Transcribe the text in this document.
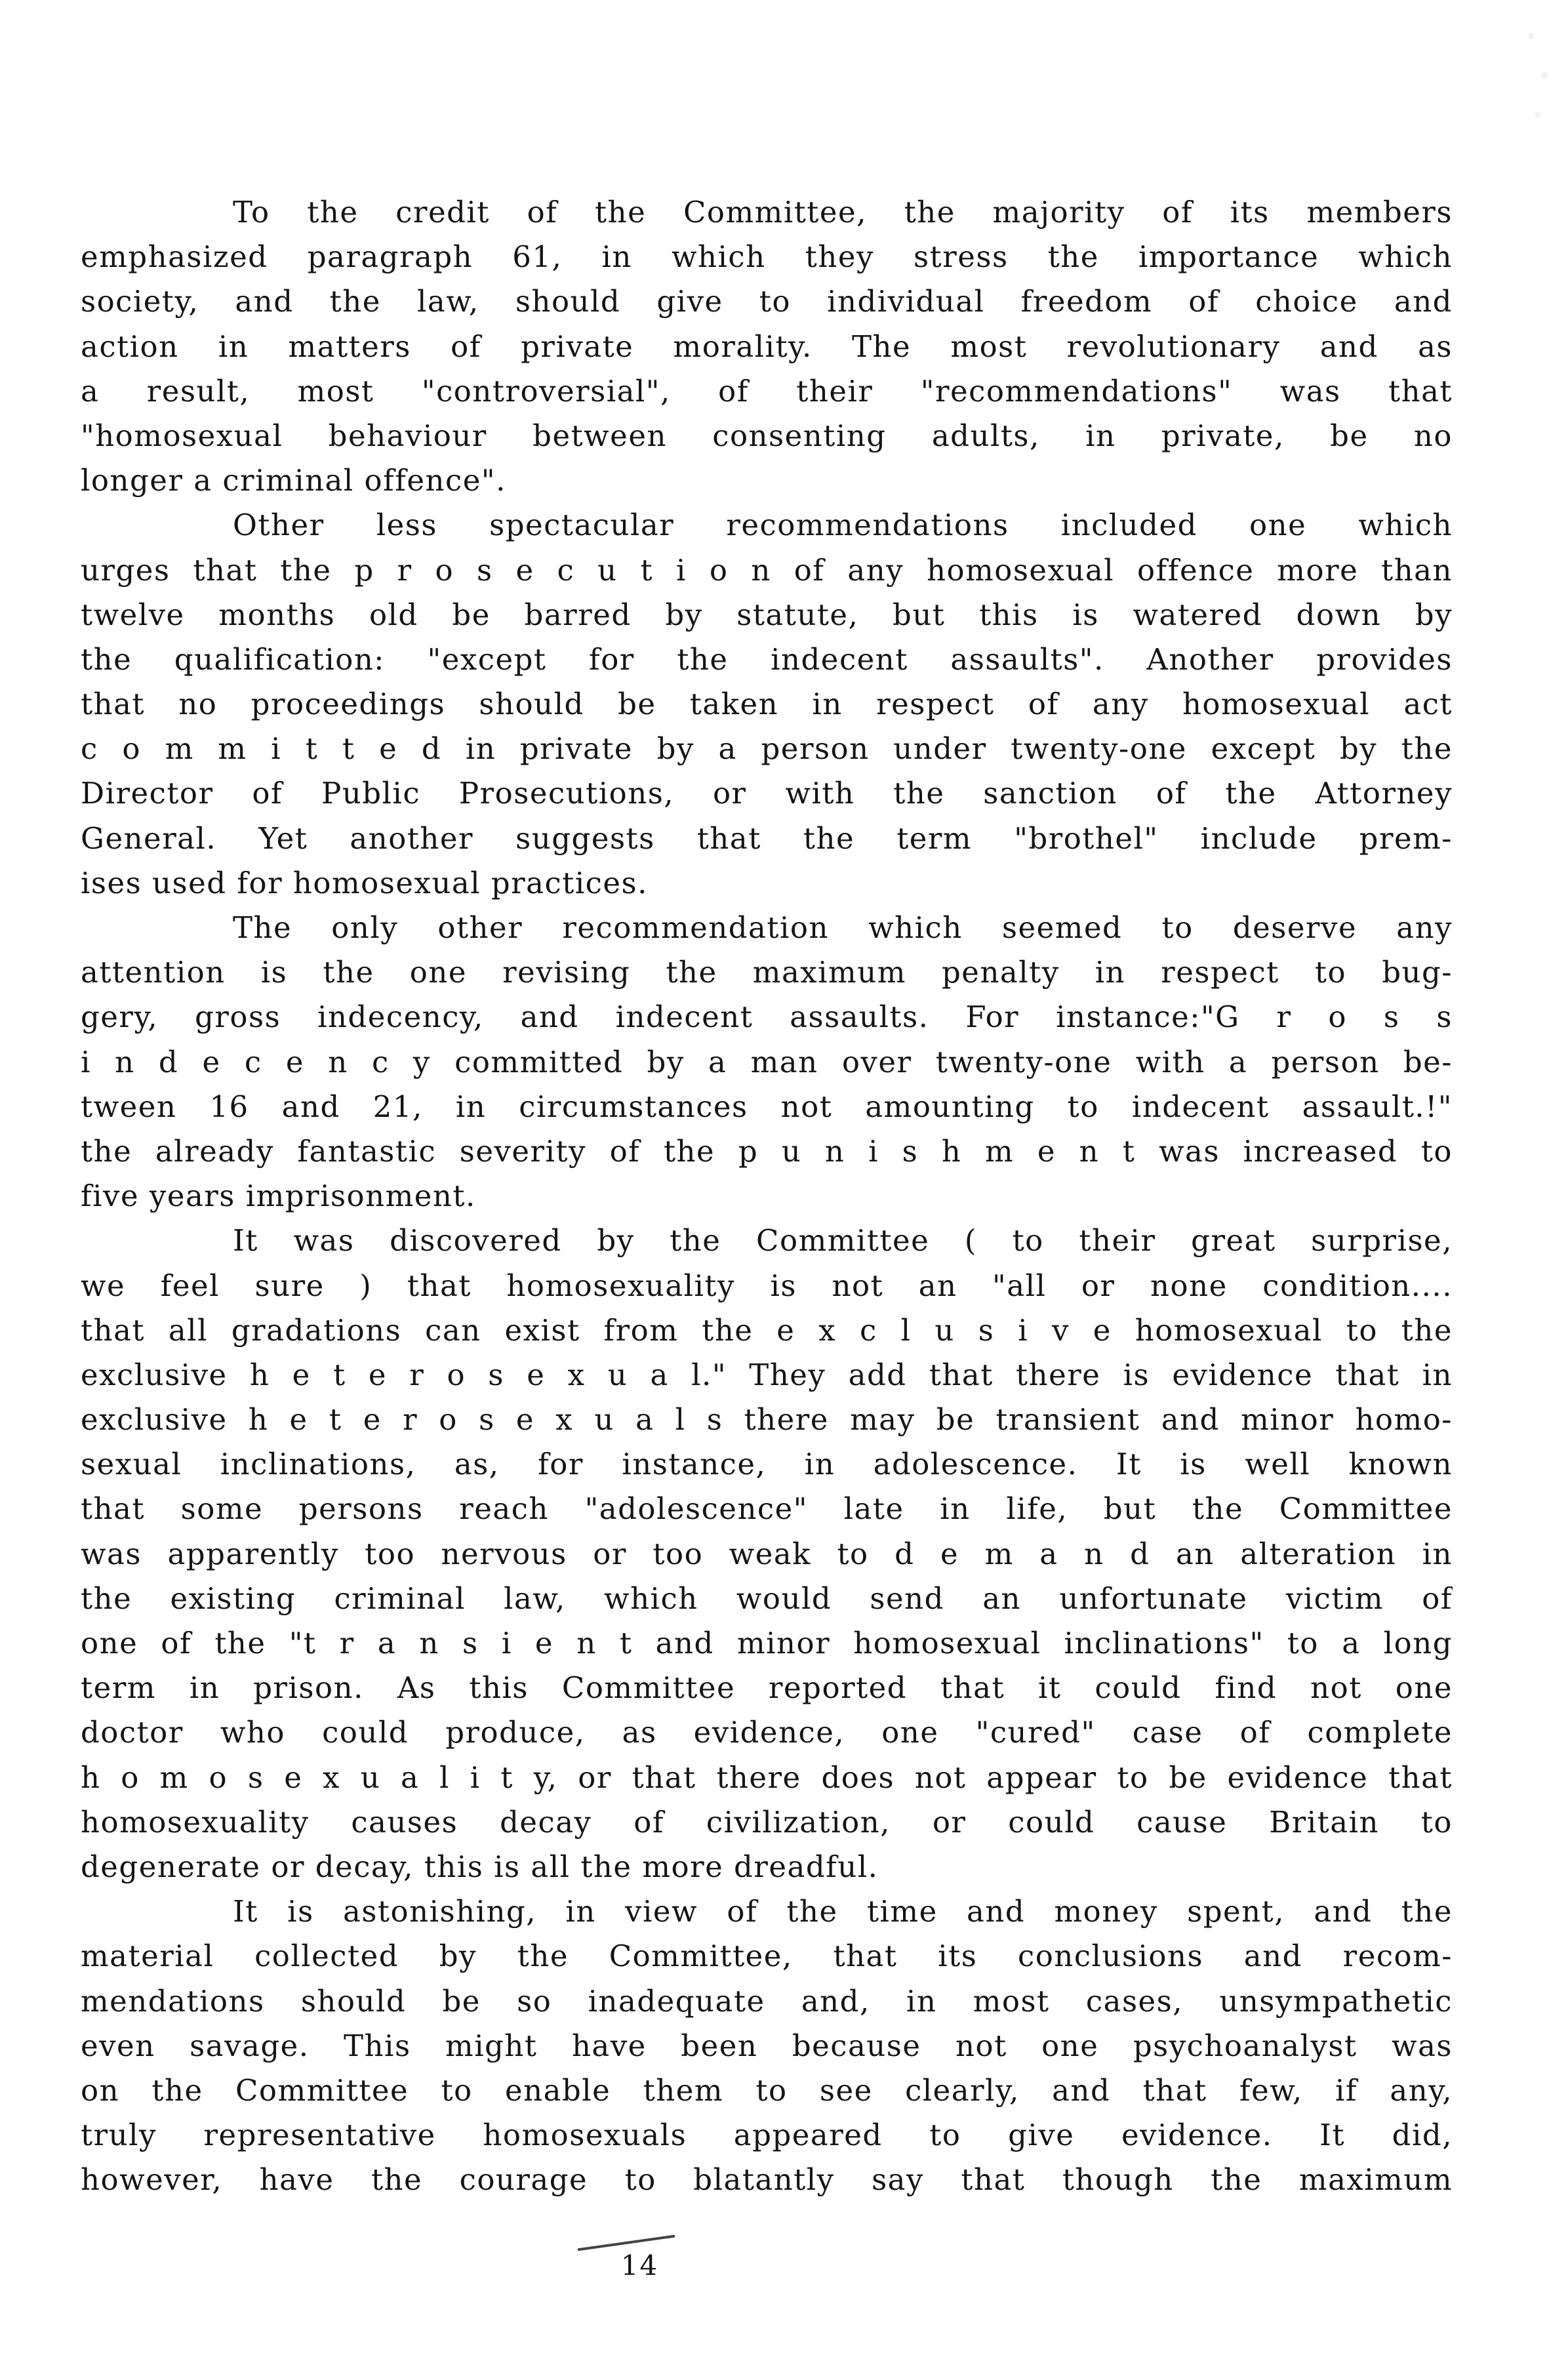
To the credit of the Committee, the majority of its members
emphasized paragraph 61, in which they stress the importance which
society, and the law, should give to individual freedom of choice and
action in matters of private morality. The most revolutionary and as
a result, most "controversial", of their "recommendations" was that
"homosexual behaviour between consenting adults, in private, be no
longer a criminal offence".
Other less spectacular recommendations included one which
urges that the p r o s e c u t i o n of any homosexual offence more than
twelve months old be barred by statute, but this is watered down by
the qualification: "except for the indecent assaults". Another provides
that no proceedings should be taken in respect of any homosexual act
c o m m i t t e d in private by a person under twenty-one except by the
Director of Public Prosecutions, or with the sanction of the Attorney
General. Yet another suggests that the term "brothel" include prem-
ises used for homosexual practices.
The only other recommendation which seemed to deserve any
attention is the one revising the maximum penalty in respect to bug-
gery, gross indecency, and indecent assaults. For instance:"G r o s s
i n d e c e n c y committed by a man over twenty-one with a person be-
tween 16 and 21, in circumstances not amounting to indecent assault.!"
the already fantastic severity of the p u n i s h m e n t was increased to
five years imprisonment.
It was discovered by the Committee ( to their great surprise,
we feel sure ) that homosexuality is not an "all or none condition....
that all gradations can exist from the e x c l u s i v e homosexual to the
exclusive h e t e r o s e x u a l." They add that there is evidence that in
exclusive h e t e r o s e x u a l s there may be transient and minor homo-
sexual inclinations, as, for instance, in adolescence. It is well known
that some persons reach "adolescence" late in life, but the Committee
was apparently too nervous or too weak to d e m a n d an alteration in
the existing criminal law, which would send an unfortunate victim of
one of the "t r a n s i e n t and minor homosexual inclinations" to a long
term in prison. As this Committee reported that it could find not one
doctor who could produce, as evidence, one "cured" case of complete
h o m o s e x u a l i t y, or that there does not appear to be evidence that
homosexuality causes decay of civilization, or could cause Britain to
degenerate or decay, this is all the more dreadful.
It is astonishing, in view of the time and money spent, and the
material collected by the Committee, that its conclusions and recom-
mendations should be so inadequate and, in most cases, unsympathetic
even savage. This might have been because not one psychoanalyst was
on the Committee to enable them to see clearly, and that few, if any,
truly representative homosexuals appeared to give evidence. It did,
however, have the courage to blatantly say that though the maximum
14
